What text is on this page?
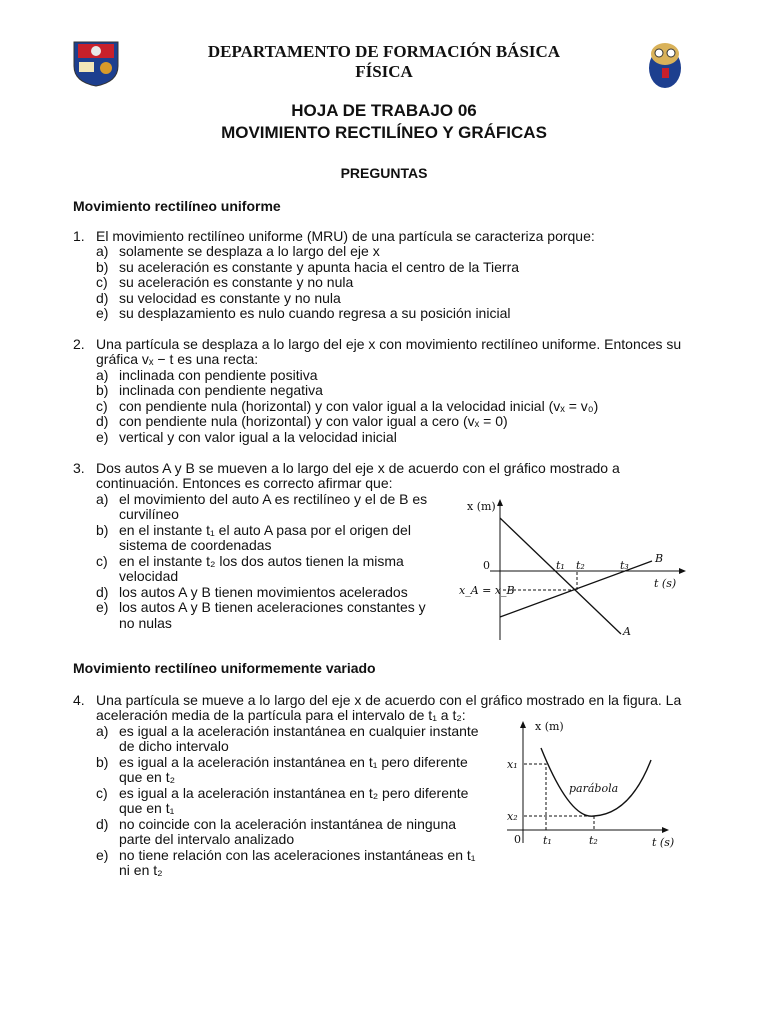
DEPARTAMENTO DE FORMACIÓN BÁSICA
FÍSICA
HOJA DE TRABAJO 06
MOVIMIENTO RECTILÍNEO Y GRÁFICAS
PREGUNTAS
Movimiento rectilíneo uniforme
Movimiento rectilíneo uniformemente variado
1. El movimiento rectilíneo uniforme (MRU) de una partícula se caracteriza porque:
a) solamente se desplaza a lo largo del eje x
b) su aceleración es constante y apunta hacia el centro de la Tierra
c) su aceleración es constante y no nula
d) su velocidad es constante y no nula
e) su desplazamiento es nulo cuando regresa a su posición inicial
2. Una partícula se desplaza a lo largo del eje x con movimiento rectilíneo uniforme. Entonces su
gráfica vₓ − t es una recta:
a) inclinada con pendiente positiva
b) inclinada con pendiente negativa
c) con pendiente nula (horizontal) y con valor igual a la velocidad inicial (vₓ = v₀)
d) con pendiente nula (horizontal) y con valor igual a cero (vₓ = 0)
e) vertical y con valor igual a la velocidad inicial
3. Dos autos A y B se mueven a lo largo del eje x de acuerdo con el gráfico mostrado a
continuación. Entonces es correcto afirmar que:
a) el movimiento del auto A es rectilíneo y el de B es
curvilíneo
b) en el instante t₁ el auto A pasa por el origen del
sistema de coordenadas
c) en el instante t₂ los dos autos tienen la misma
velocidad
d) los autos A y B tienen movimientos acelerados
e) los autos A y B tienen aceleraciones constantes y
no nulas
4. Una partícula se mueve a lo largo del eje x de acuerdo con el gráfico mostrado en la figura. La
aceleración media de la partícula para el intervalo de t₁ a t₂:
a) es igual a la aceleración instantánea en cualquier instante
de dicho intervalo
b) es igual a la aceleración instantánea en t₁ pero diferente
que en t₂
c) es igual a la aceleración instantánea en t₂ pero diferente
que en t₁
d) no coincide con la aceleración instantánea de ninguna
parte del intervalo analizado
e) no tiene relación con las aceleraciones instantáneas en t₁
ni en t₂
x (m)
0	t₁ t₂	t₃
B
t (s)
x_A = x_B
A
x (m)
x₁
x₂
parábola
0 t₁	t₂	t (s)
